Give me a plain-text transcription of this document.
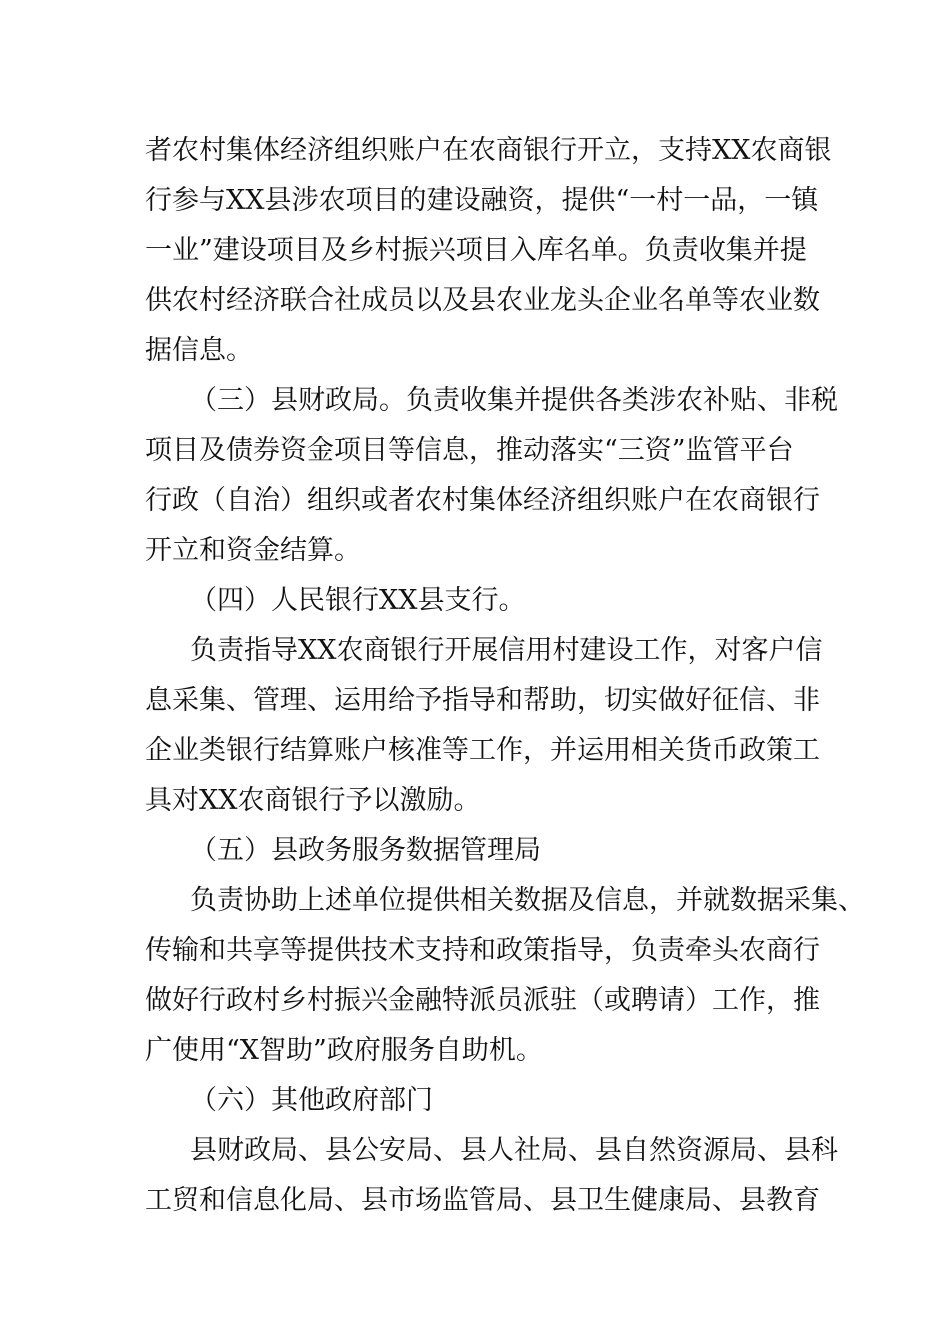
者农村集体经济组织账户在农商银行开立，支持XX农商银

行参与XX县涉农项目的建设融资，提供“一村一品，一镇

一业”建设项目及乡村振兴项目入库名单。负责收集并提

供农村经济联合社成员以及县农业龙头企业名单等农业数

据信息。

（三）县财政局。负责收集并提供各类涉农补贴、非税

项目及债券资金项目等信息，推动落实“三资”监管平台

行政（自治）组织或者农村集体经济组织账户在农商银行

开立和资金结算。

（四）人民银行XX县支行。

负责指导XX农商银行开展信用村建设工作，对客户信

息采集、管理、运用给予指导和帮助，切实做好征信、非

企业类银行结算账户核准等工作，并运用相关货币政策工

具对XX农商银行予以激励。

（五）县政务服务数据管理局

负责协助上述单位提供相关数据及信息，并就数据采集、

传输和共享等提供技术支持和政策指导，负责牵头农商行

做好行政村乡村振兴金融特派员派驻（或聘请）工作，推

广使用“X智助”政府服务自助机。

（六）其他政府部门

县财政局、县公安局、县人社局、县自然资源局、县科

工贸和信息化局、县市场监管局、县卫生健康局、县教育
